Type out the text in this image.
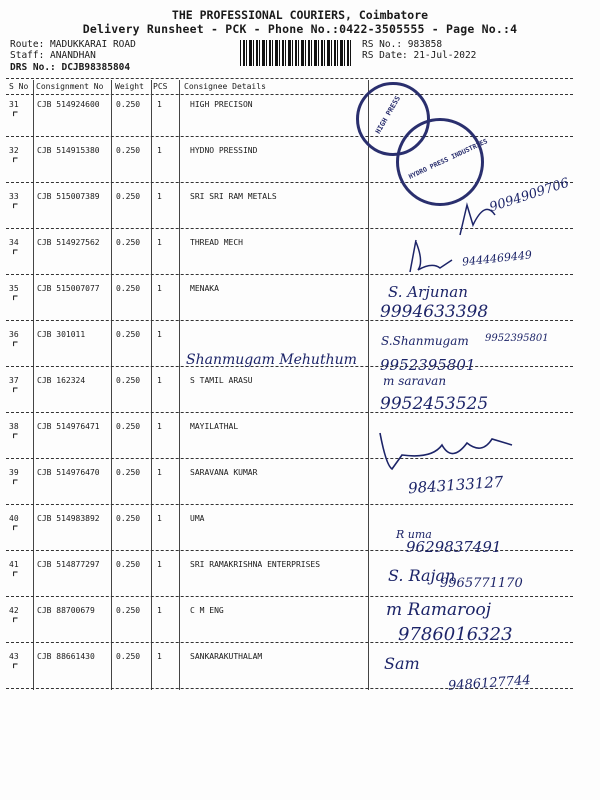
THE PROFESSIONAL COURIERS, Coimbatore
Delivery Runsheet - PCK - Phone No.:0422-3505555 - Page No.:4
Route: MADUKKARAI ROAD
Staff: ANANDHAN
DRS No.: DCJB98385804
RS No.: 983858
RS Date: 21-Jul-2022
S No Consignment No Weight PCS Consignee Details
31 CJB 514924600 0.250 1	HIGH PRECISON
⌜
32 CJB 514915380 0.250 1	HYDNO PRESSIND
⌜
33 CJB 515007389 0.250 1	SRI SRI RAM METALS
⌜
34 CJB 514927562 0.250 1	THREAD MECH
⌜
35 CJB 515007077 0.250 1	MENAKA
⌜
36 CJB 301011	0.250 1
⌜
37 CJB 162324	0.250 1	S TAMIL ARASU
⌜
38 CJB 514976471 0.250 1	MAYILATHAL
⌜
39 CJB 514976470 0.250 1	SARAVANA KUMAR
⌜
40 CJB 514983892 0.250 1	UMA
⌜
41 CJB 514877297 0.250 1	SRI RAMAKRISHNA ENTERPRISES
⌜
42 CJB 88700679	0.250 1	C M ENG
⌜
43 CJB 88661430	0.250 1	SANKARAKUTHALAM
⌜
HIGH PRESS
HYDRO PRESS INDUSTRIES
9094909706
9444469449
S. Arjunan
9994633398
S.Shanmugam 9952395801
9952395801
Shanmugam Mehuthum
m saravan
9952453525
9843133127
R uma
9629837491
S. Rajan
9965771170
m Ramarooj
9786016323
Sam
9486127744
